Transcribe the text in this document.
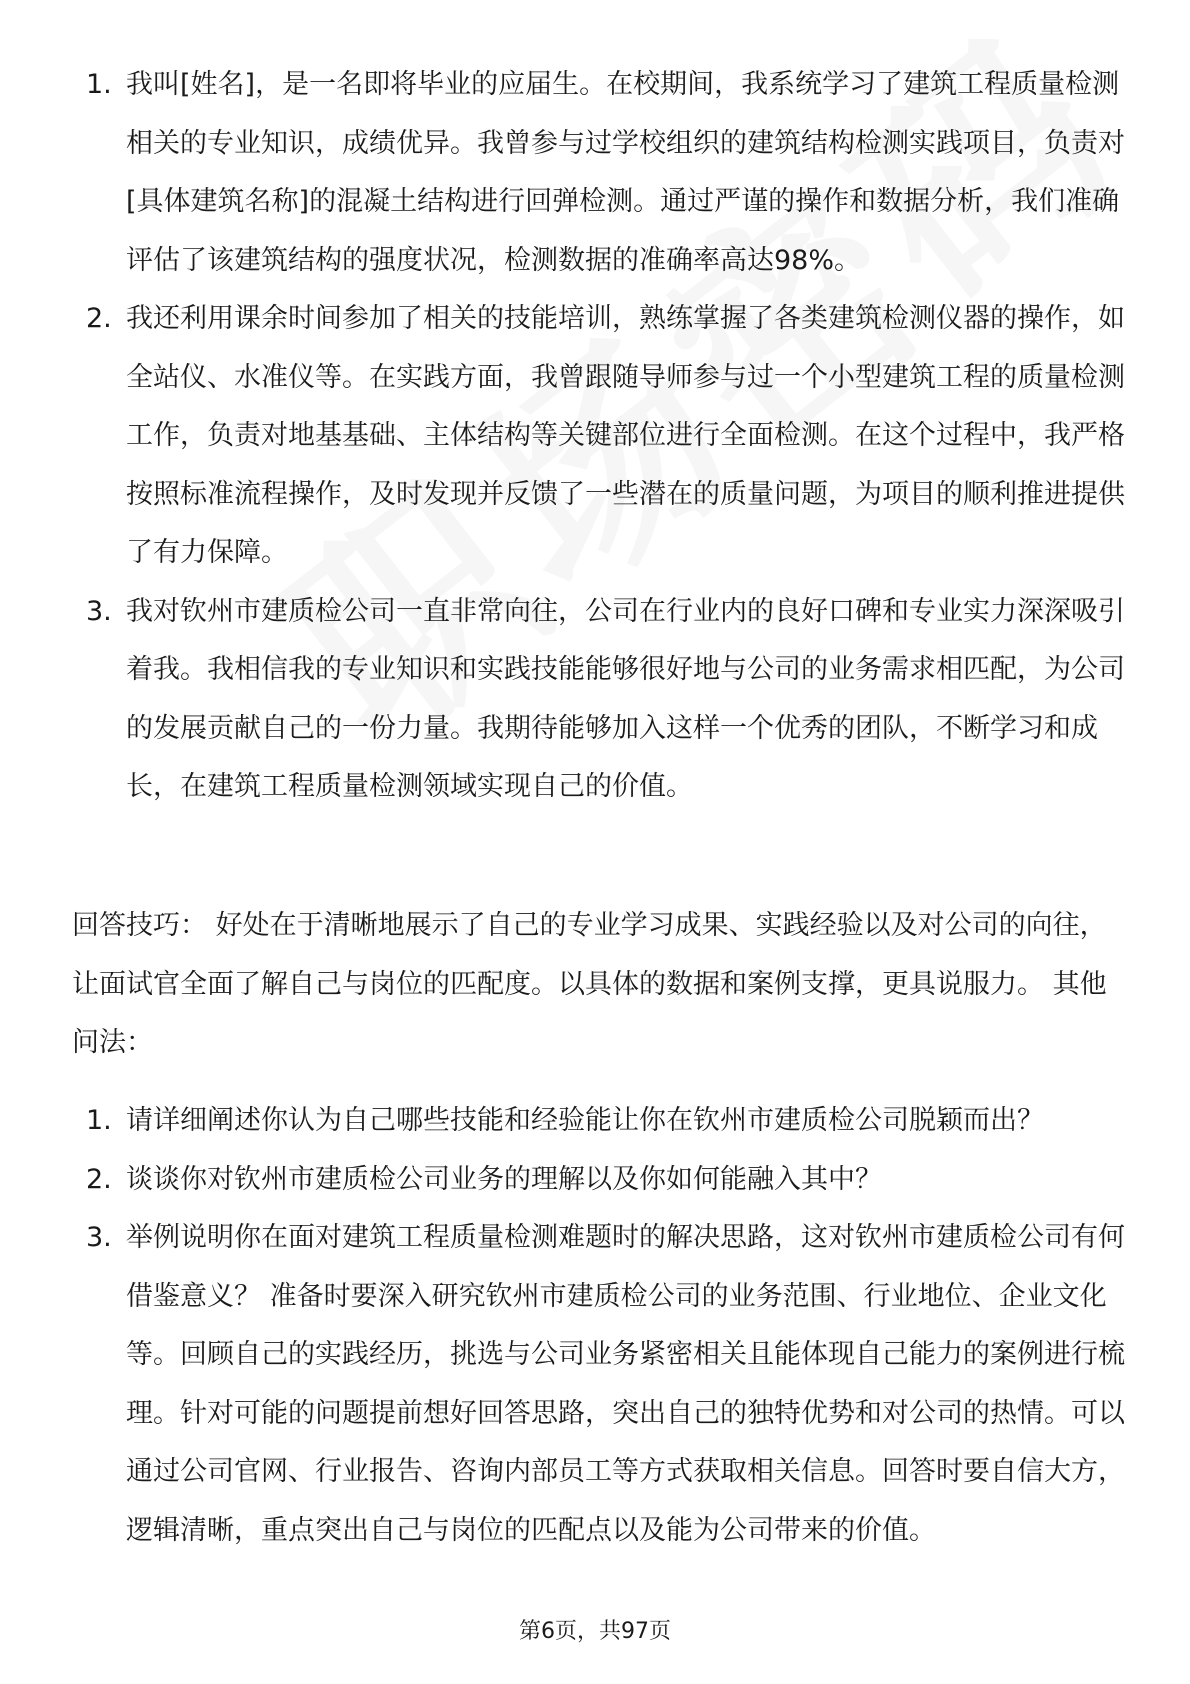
1. 我叫[姓名]，是一名即将毕业的应届生。在校期间，我系统学习了建筑工程质量检测相关的专业知识，成绩优异。我曾参与过学校组织的建筑结构检测实践项目，负责对[具体建筑名称]的混凝土结构进行回弹检测。通过严谨的操作和数据分析，我们准确评估了该建筑结构的强度状况，检测数据的准确率高达98%。
2. 我还利用课余时间参加了相关的技能培训，熟练掌握了各类建筑检测仪器的操作，如全站仪、水准仪等。在实践方面，我曾跟随导师参与过一个小型建筑工程的质量检测工作，负责对地基基础、主体结构等关键部位进行全面检测。在这个过程中，我严格按照标准流程操作，及时发现并反馈了一些潜在的质量问题，为项目的顺利推进提供了有力保障。
3. 我对钦州市建质检公司一直非常向往，公司在行业内的良好口碑和专业实力深深吸引着我。我相信我的专业知识和实践技能能够很好地与公司的业务需求相匹配，为公司的发展贡献自己的一份力量。我期待能够加入这样一个优秀的团队，不断学习和成长，在建筑工程质量检测领域实现自己的价值。

回答技巧： 好处在于清晰地展示了自己的专业学习成果、实践经验以及对公司的向往，让面试官全面了解自己与岗位的匹配度。以具体的数据和案例支撑，更具说服力。 其他问法：

1. 请详细阐述你认为自己哪些技能和经验能让你在钦州市建质检公司脱颖而出？
2. 谈谈你对钦州市建质检公司业务的理解以及你如何能融入其中？
3. 举例说明你在面对建筑工程质量检测难题时的解决思路，这对钦州市建质检公司有何借鉴意义？ 准备时要深入研究钦州市建质检公司的业务范围、行业地位、企业文化等。回顾自己的实践经历，挑选与公司业务紧密相关且能体现自己能力的案例进行梳理。针对可能的问题提前想好回答思路，突出自己的独特优势和对公司的热情。可以通过公司官网、行业报告、咨询内部员工等方式获取相关信息。回答时要自信大方，逻辑清晰，重点突出自己与岗位的匹配点以及能为公司带来的价值。
第6页，共97页
